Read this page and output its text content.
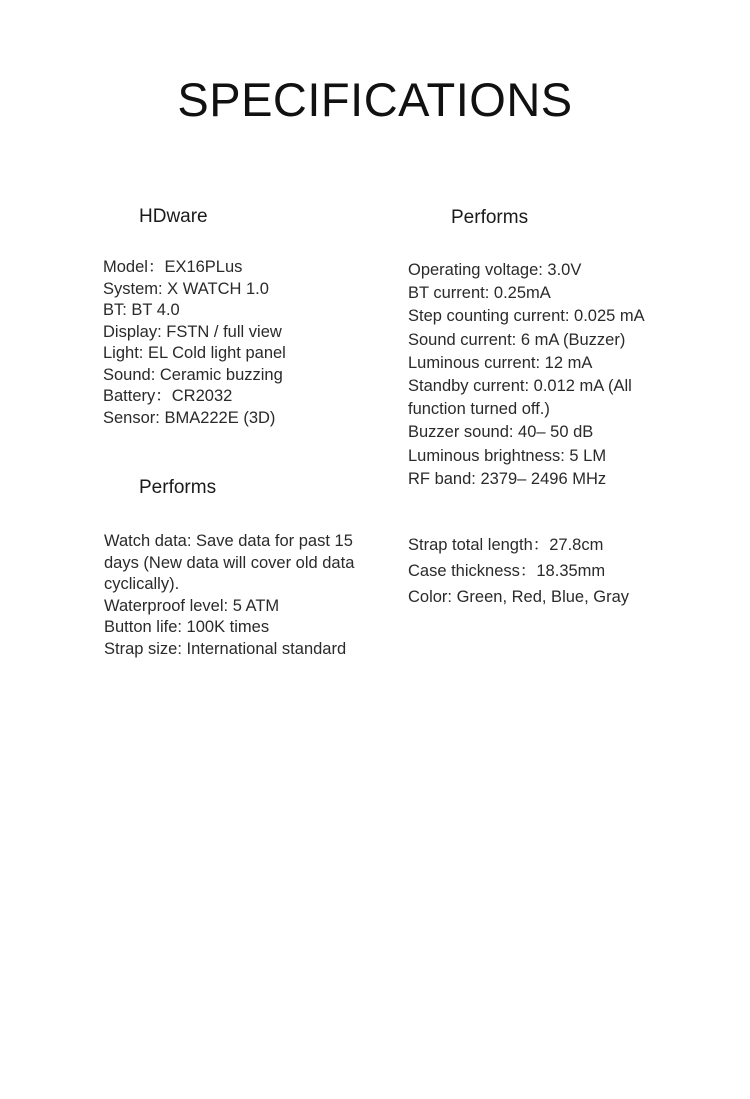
SPECIFICATIONS
HDware
Model：EX16PLus
System: X WATCH 1.0
BT: BT 4.0
Display: FSTN / full view
Light: EL Cold light panel
Sound: Ceramic buzzing
Battery：CR2032
Sensor: BMA222E (3D)
Performs
Watch data: Save data for past 15
days (New data will cover old data
cyclically).
Waterproof level: 5 ATM
Button life: 100K times
Strap size: International standard
Performs
Operating voltage: 3.0V
BT current: 0.25mA
Step counting current: 0.025 mA
Sound current: 6 mA (Buzzer)
Luminous current: 12 mA
Standby current: 0.012 mA (All
function turned off.)
Buzzer sound: 40– 50 dB
Luminous brightness: 5 LM
RF band: 2379– 2496 MHz
Strap total length：27.8cm
Case thickness：18.35mm
Color: Green, Red, Blue, Gray
